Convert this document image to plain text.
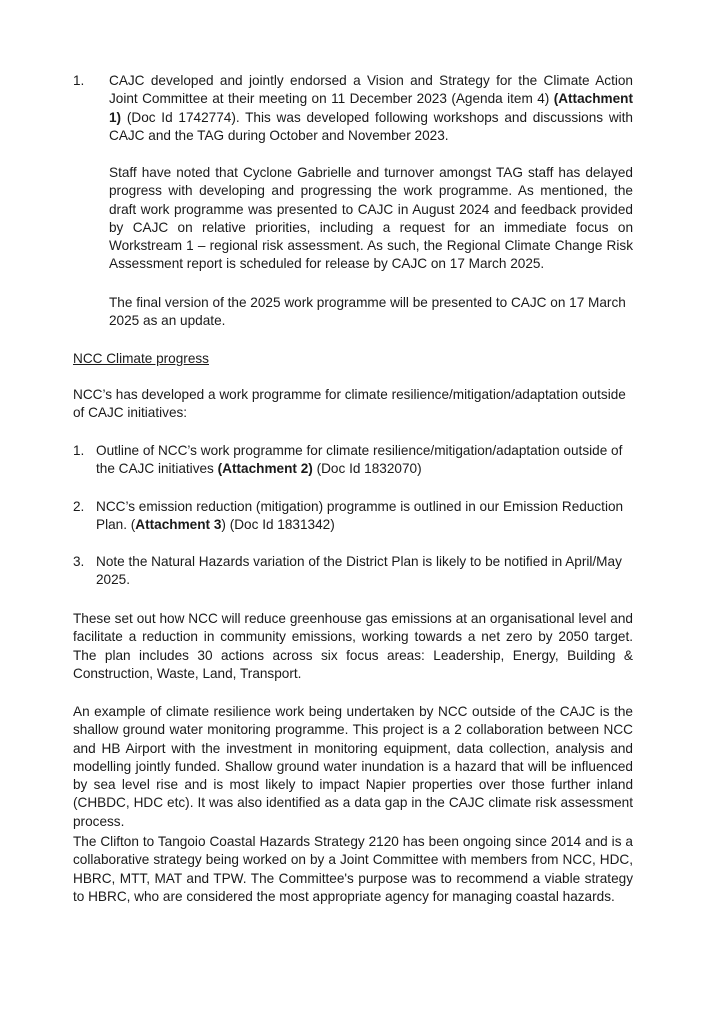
1. CAJC developed and jointly endorsed a Vision and Strategy for the Climate Action Joint Committee at their meeting on 11 December 2023 (Agenda item 4) (Attachment 1) (Doc Id 1742774). This was developed following workshops and discussions with CAJC and the TAG during October and November 2023.

Staff have noted that Cyclone Gabrielle and turnover amongst TAG staff has delayed progress with developing and progressing the work programme. As mentioned, the draft work programme was presented to CAJC in August 2024 and feedback provided by CAJC on relative priorities, including a request for an immediate focus on Workstream 1 – regional risk assessment. As such, the Regional Climate Change Risk Assessment report is scheduled for release by CAJC on 17 March 2025.

The final version of the 2025 work programme will be presented to CAJC on 17 March 2025 as an update.

NCC Climate progress

NCC’s has developed a work programme for climate resilience/mitigation/adaptation outside of CAJC initiatives:

1. Outline of NCC’s work programme for climate resilience/mitigation/adaptation outside of the CAJC initiatives (Attachment 2) (Doc Id 1832070)

2. NCC’s emission reduction (mitigation) programme is outlined in our Emission Reduction Plan. (Attachment 3) (Doc Id 1831342)

3. Note the Natural Hazards variation of the District Plan is likely to be notified in April/May 2025.

These set out how NCC will reduce greenhouse gas emissions at an organisational level and facilitate a reduction in community emissions, working towards a net zero by 2050 target. The plan includes 30 actions across six focus areas: Leadership, Energy, Building & Construction, Waste, Land, Transport.

An example of climate resilience work being undertaken by NCC outside of the CAJC is the shallow ground water monitoring programme. This project is a 2 collaboration between NCC and HB Airport with the investment in monitoring equipment, data collection, analysis and modelling jointly funded. Shallow ground water inundation is a hazard that will be influenced by sea level rise and is most likely to impact Napier properties over those further inland (CHBDC, HDC etc). It was also identified as a data gap in the CAJC climate risk assessment process.

The Clifton to Tangoio Coastal Hazards Strategy 2120 has been ongoing since 2014 and is a collaborative strategy being worked on by a Joint Committee with members from NCC, HDC, HBRC, MTT, MAT and TPW. The Committee's purpose was to recommend a viable strategy to HBRC, who are considered the most appropriate agency for managing coastal hazards.
